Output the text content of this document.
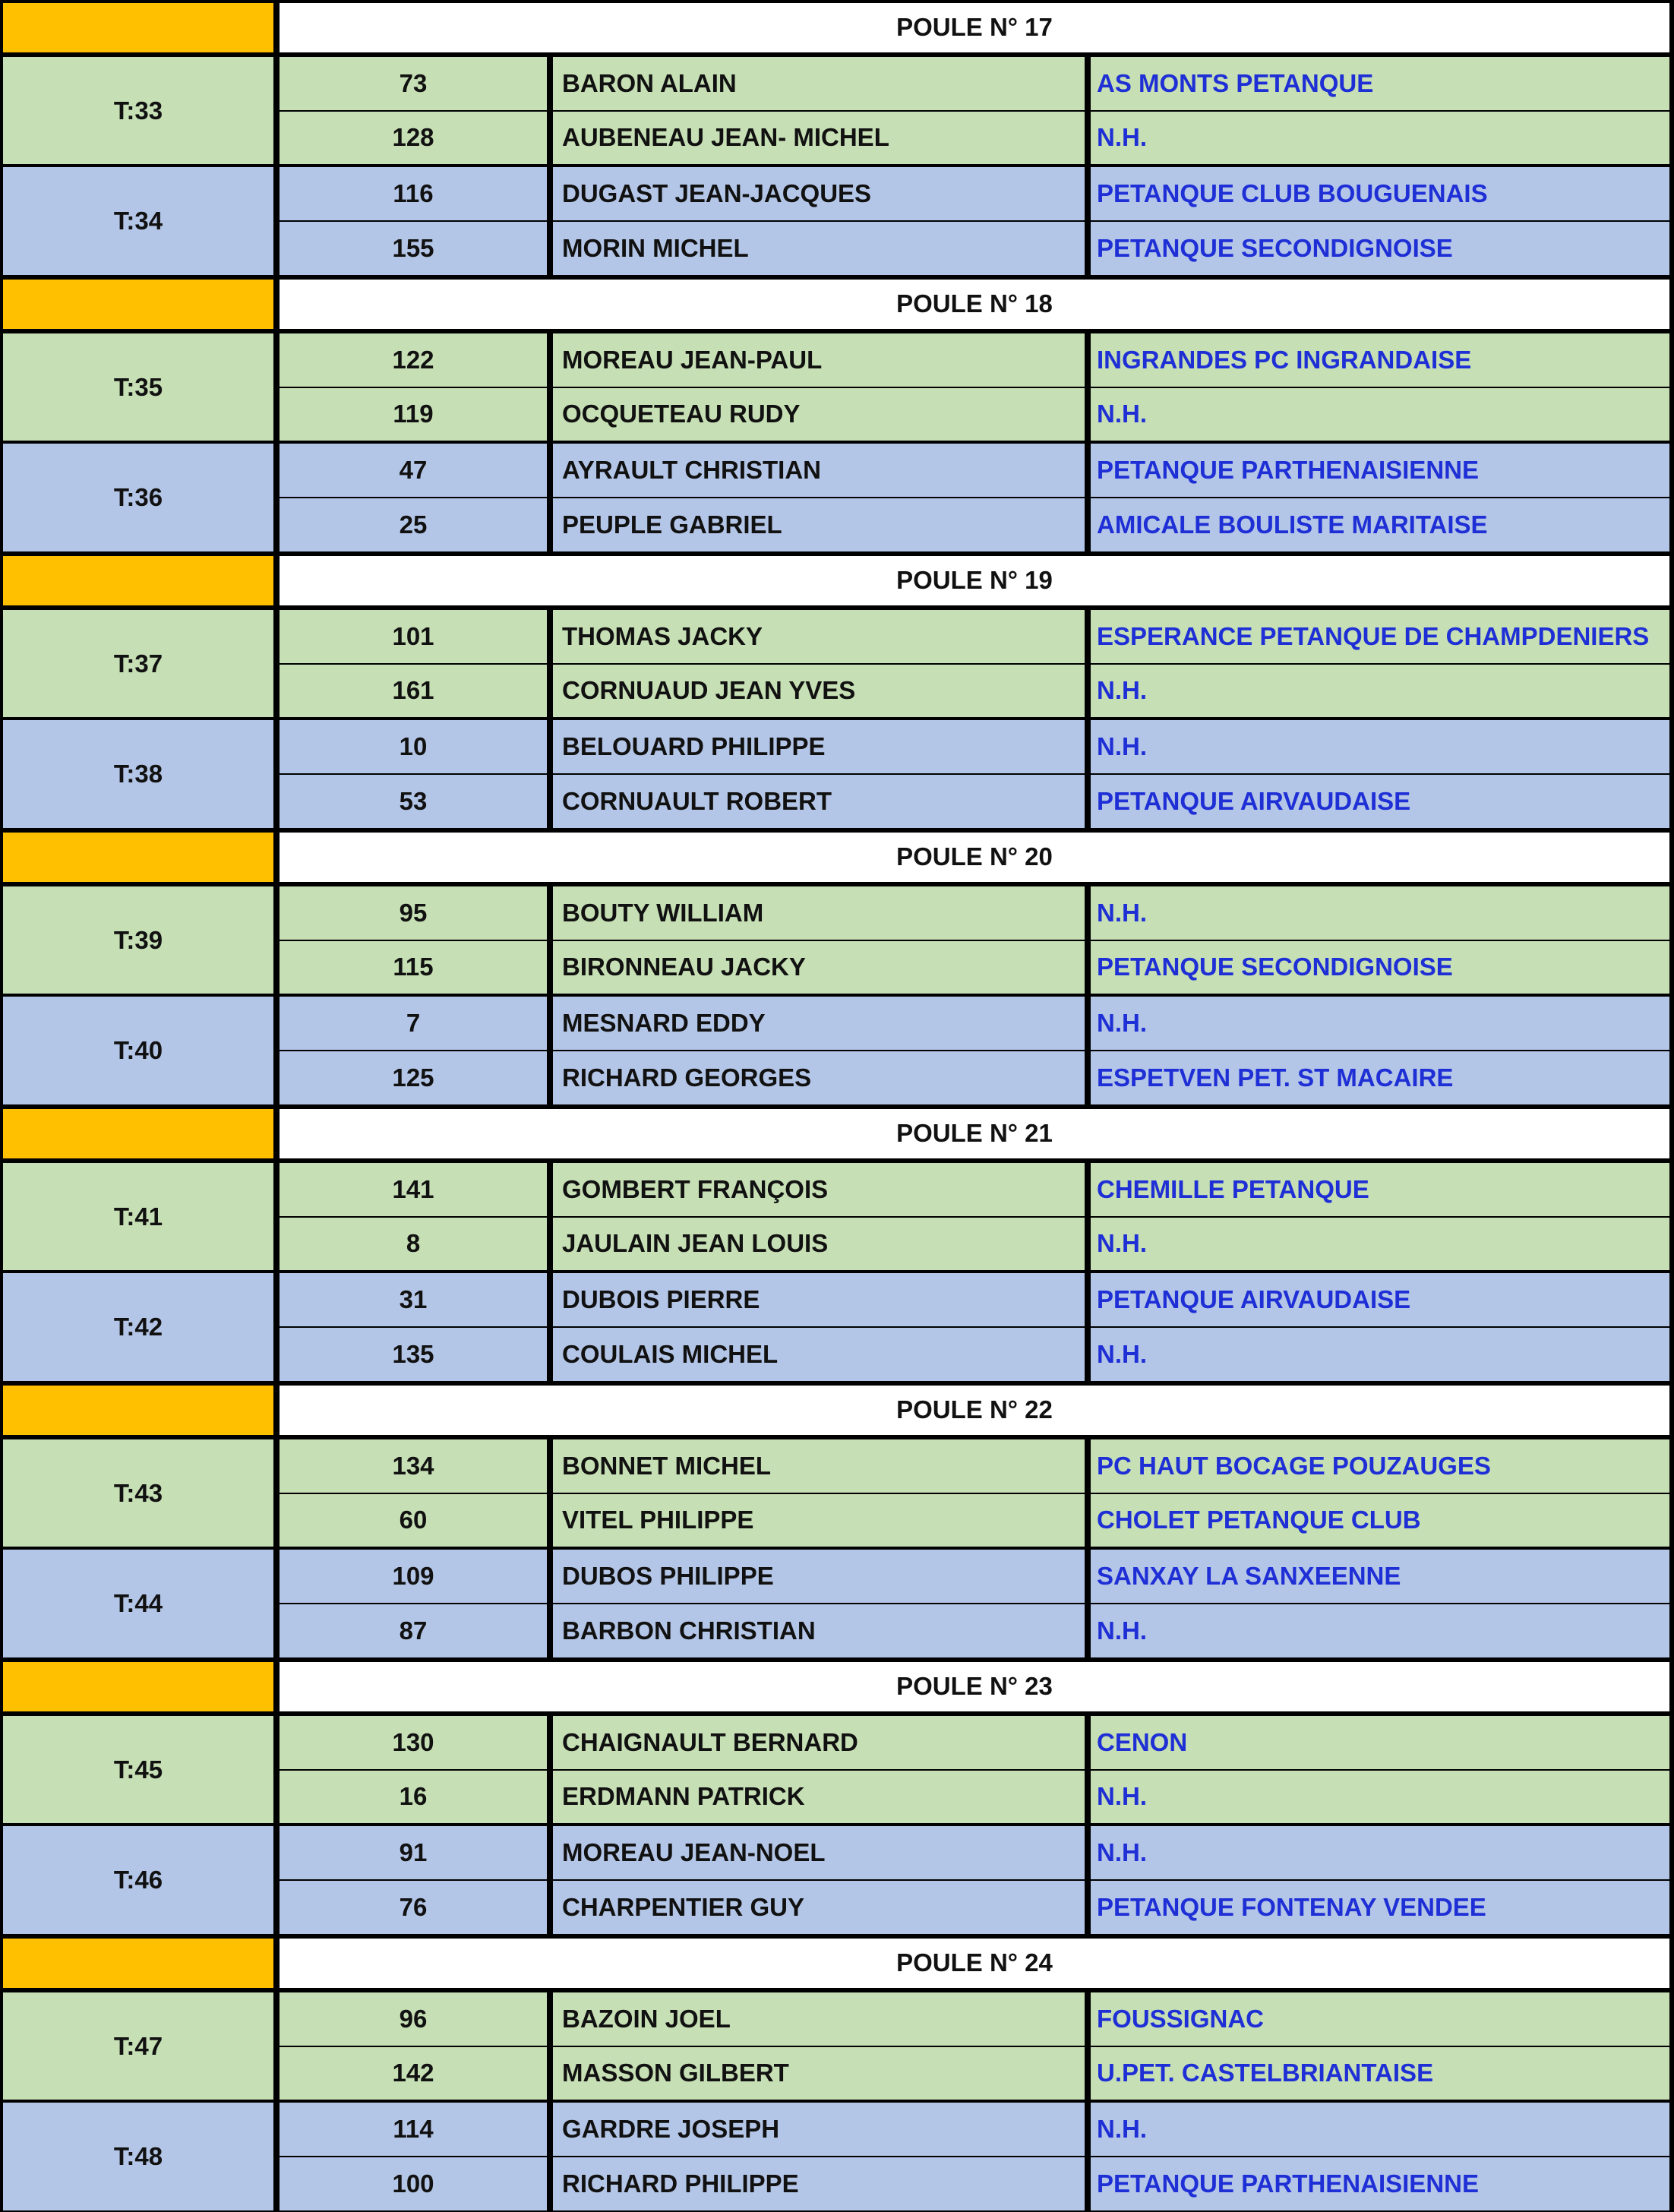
POULE N° 17
T:33
73	BARON ALAIN	AS MONTS PETANQUE
128	AUBENEAU JEAN- MICHEL	N.H.
T:34
116	DUGAST JEAN-JACQUES	PETANQUE CLUB BOUGUENAIS
155	MORIN MICHEL	PETANQUE SECONDIGNOISE
POULE N° 18
T:35
122	MOREAU JEAN-PAUL	INGRANDES PC INGRANDAISE
119	OCQUETEAU RUDY	N.H.
T:36
47	AYRAULT CHRISTIAN	PETANQUE PARTHENAISIENNE
25	PEUPLE GABRIEL	AMICALE BOULISTE MARITAISE
POULE N° 19
T:37
101	THOMAS JACKY	ESPERANCE PETANQUE DE CHAMPDENIERS
161	CORNUAUD JEAN YVES	N.H.
T:38
10	BELOUARD PHILIPPE	N.H.
53	CORNUAULT ROBERT	PETANQUE AIRVAUDAISE
POULE N° 20
T:39
95	BOUTY WILLIAM	N.H.
115	BIRONNEAU JACKY	PETANQUE SECONDIGNOISE
T:40
7	MESNARD EDDY	N.H.
125	RICHARD GEORGES	ESPETVEN PET. ST MACAIRE
POULE N° 21
T:41
141	GOMBERT FRANÇOIS	CHEMILLE PETANQUE
8	JAULAIN JEAN LOUIS	N.H.
T:42
31	DUBOIS PIERRE	PETANQUE AIRVAUDAISE
135	COULAIS MICHEL	N.H.
POULE N° 22
T:43
134	BONNET MICHEL	PC HAUT BOCAGE POUZAUGES
60	VITEL PHILIPPE	CHOLET PETANQUE CLUB
T:44
109	DUBOS PHILIPPE	SANXAY LA SANXEENNE
87	BARBON CHRISTIAN	N.H.
POULE N° 23
T:45
130	CHAIGNAULT BERNARD	CENON
16	ERDMANN PATRICK	N.H.
T:46
91	MOREAU JEAN-NOEL	N.H.
76	CHARPENTIER GUY	PETANQUE FONTENAY VENDEE
POULE N° 24
T:47
96	BAZOIN JOEL	FOUSSIGNAC
142	MASSON GILBERT	U.PET. CASTELBRIANTAISE
T:48
114	GARDRE JOSEPH	N.H.
100	RICHARD PHILIPPE	PETANQUE PARTHENAISIENNE
